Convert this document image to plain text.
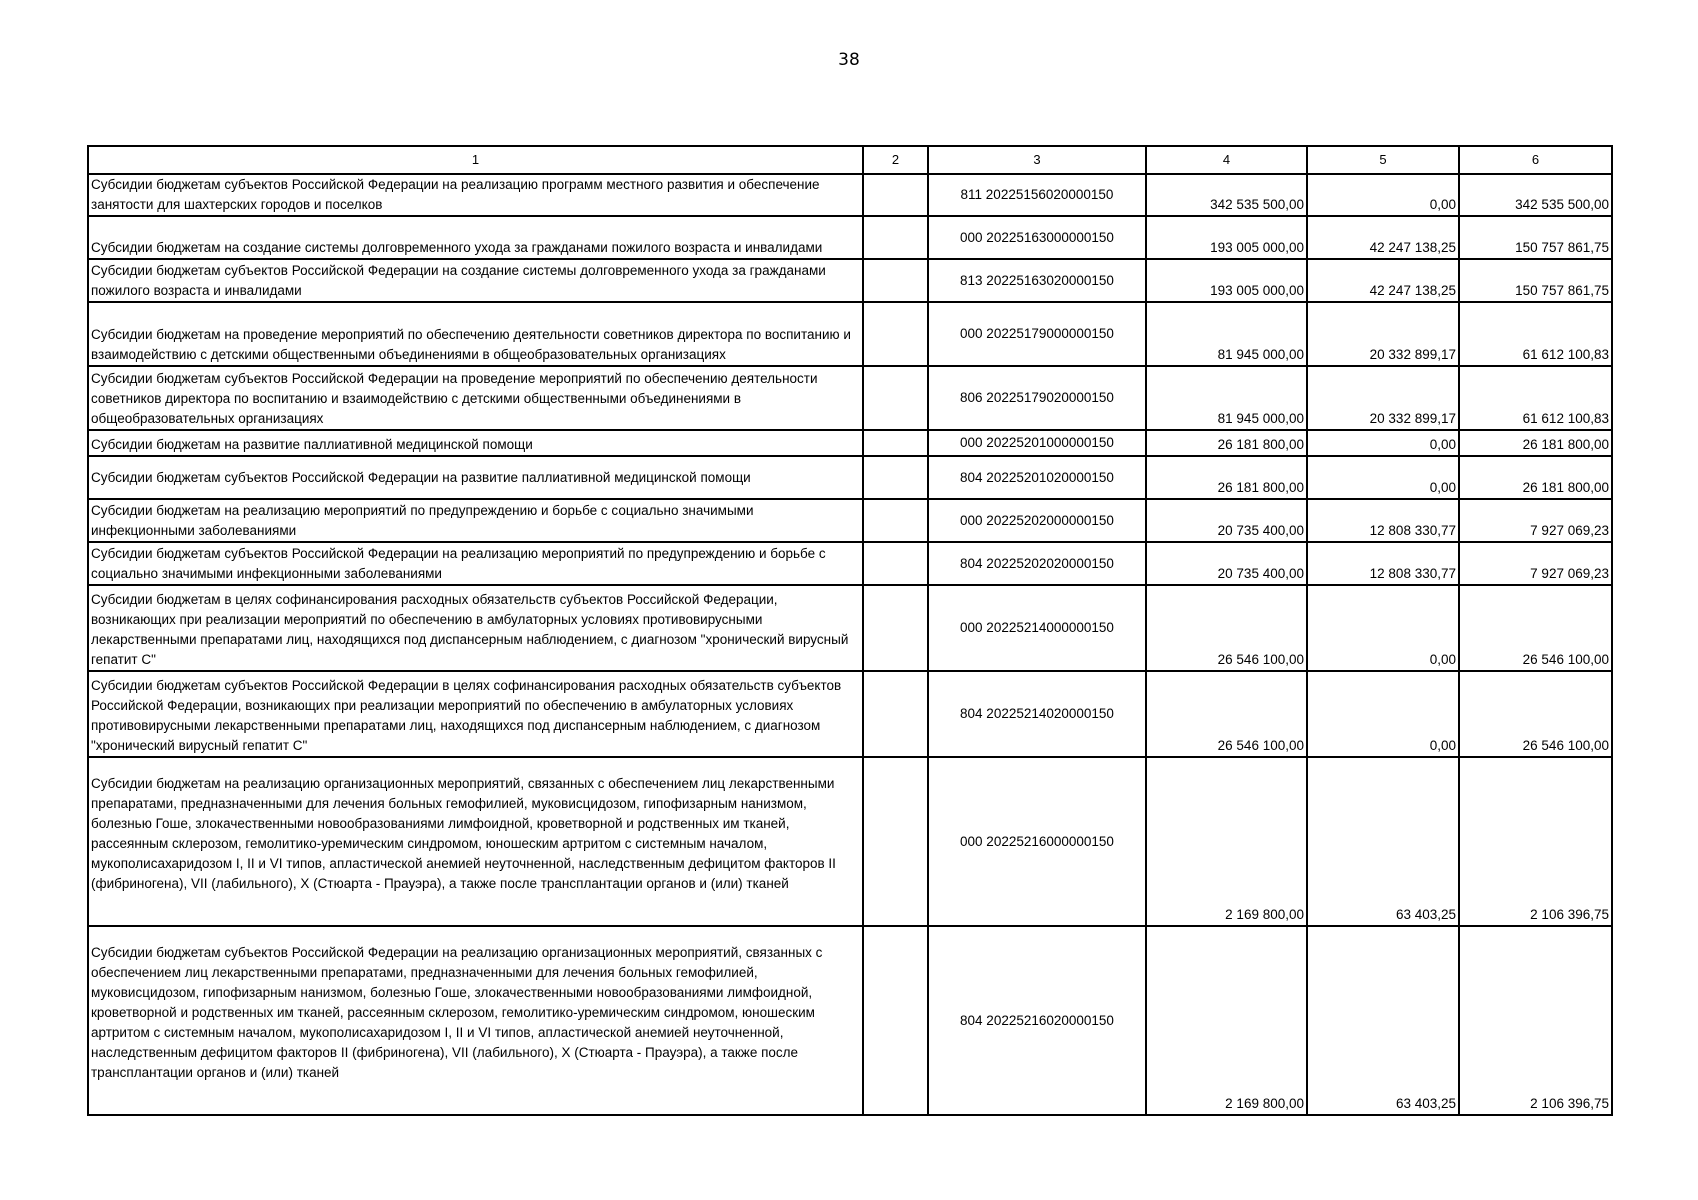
38
1	2	3	4	5	6
Субсидии бюджетам субъектов Российской Федерации на реализацию программ местного развития и обеспечение занятости для шахтерских городов и поселков		811 20225156020000150	342 535 500,00	0,00	342 535 500,00
Субсидии бюджетам на создание системы долговременного ухода за гражданами пожилого возраста и инвалидами		000 20225163000000150	193 005 000,00	42 247 138,25	150 757 861,75
Субсидии бюджетам субъектов Российской Федерации на создание системы долговременного ухода за гражданами пожилого возраста и инвалидами		813 20225163020000150	193 005 000,00	42 247 138,25	150 757 861,75
Субсидии бюджетам на проведение мероприятий по обеспечению деятельности советников директора по воспитанию и взаимодействию с детскими общественными объединениями в общеобразовательных организациях		000 20225179000000150	81 945 000,00	20 332 899,17	61 612 100,83
Субсидии бюджетам субъектов Российской Федерации на проведение мероприятий по обеспечению деятельности советников директора по воспитанию и взаимодействию с детскими общественными объединениями в общеобразовательных организациях		806 20225179020000150	81 945 000,00	20 332 899,17	61 612 100,83
Субсидии бюджетам на развитие паллиативной медицинской помощи		000 20225201000000150	26 181 800,00	0,00	26 181 800,00
Субсидии бюджетам субъектов Российской Федерации на развитие паллиативной медицинской помощи		804 20225201020000150	26 181 800,00	0,00	26 181 800,00
Субсидии бюджетам на реализацию мероприятий по предупреждению и борьбе с социально значимыми инфекционными заболеваниями		000 20225202000000150	20 735 400,00	12 808 330,77	7 927 069,23
Субсидии бюджетам субъектов Российской Федерации на реализацию мероприятий по предупреждению и борьбе с социально значимыми инфекционными заболеваниями		804 20225202020000150	20 735 400,00	12 808 330,77	7 927 069,23
Субсидии бюджетам в целях софинансирования расходных обязательств субъектов Российской Федерации, возникающих при реализации мероприятий по обеспечению в амбулаторных условиях противовирусными лекарственными препаратами лиц, находящихся под диспансерным наблюдением, с диагнозом "хронический вирусный гепатит С"		000 20225214000000150	26 546 100,00	0,00	26 546 100,00
Субсидии бюджетам субъектов Российской Федерации в целях софинансирования расходных обязательств субъектов Российской Федерации, возникающих при реализации мероприятий по обеспечению в амбулаторных условиях противовирусными лекарственными препаратами лиц, находящихся под диспансерным наблюдением, с диагнозом "хронический вирусный гепатит С"		804 20225214020000150	26 546 100,00	0,00	26 546 100,00
Субсидии бюджетам на реализацию организационных мероприятий, связанных с обеспечением лиц лекарственными препаратами, предназначенными для лечения больных гемофилией, муковисцидозом, гипофизарным нанизмом, болезнью Гоше, злокачественными новообразованиями лимфоидной, кроветворной и родственных им тканей, рассеянным склерозом, гемолитико-уремическим синдромом, юношеским артритом с системным началом, мукополисахаридозом I, II и VI типов, апластической анемией неуточненной, наследственным дефицитом факторов II (фибриногена), VII (лабильного), X (Стюарта - Прауэра), а также после трансплантации органов и (или) тканей		000 20225216000000150	2 169 800,00	63 403,25	2 106 396,75
Субсидии бюджетам субъектов Российской Федерации на реализацию организационных мероприятий, связанных с обеспечением лиц лекарственными препаратами, предназначенными для лечения больных гемофилией, муковисцидозом, гипофизарным нанизмом, болезнью Гоше, злокачественными новообразованиями лимфоидной, кроветворной и родственных им тканей, рассеянным склерозом, гемолитико-уремическим синдромом, юношеским артритом с системным началом, мукополисахаридозом I, II и VI типов, апластической анемией неуточненной, наследственным дефицитом факторов II (фибриногена), VII (лабильного), X (Стюарта - Прауэра), а также после трансплантации органов и (или) тканей		804 20225216020000150	2 169 800,00	63 403,25	2 106 396,75
